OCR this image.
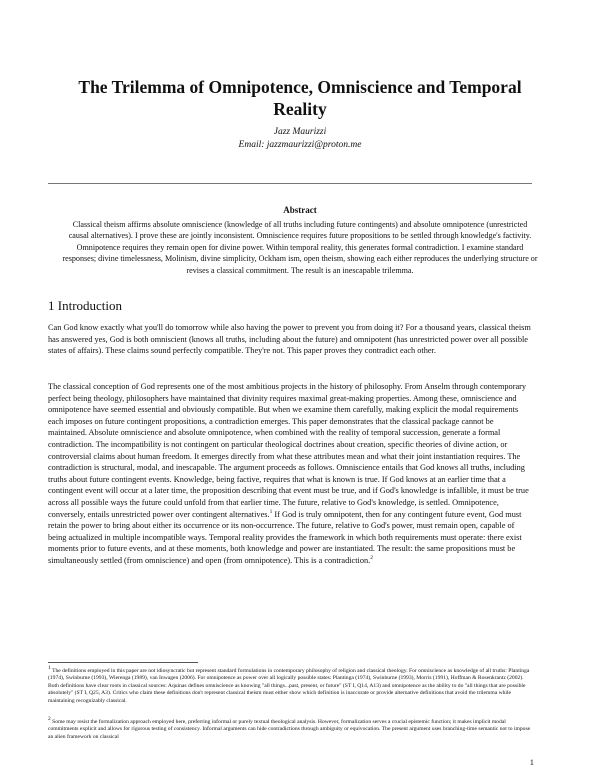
The Trilemma of Omnipotence, Omniscience and Temporal Reality
Jazz Maurizzi
Email: jazzmaurizzi@proton.me
Abstract

Classical theism affirms absolute omniscience (knowledge of all truths including future contingents) and absolute omnipotence (unrestricted causal alternatives). I prove these are jointly inconsistent. Omniscience requires future propositions to be settled through knowledge's factivity. Omnipotence requires they remain open for divine power. Within temporal reality, this generates formal contradiction. I examine standard responses; divine timelessness, Molinism, divine simplicity, Ockham ism, open theism, showing each either reproduces the underlying structure or revises a classical commitment. The result is an inescapable trilemma.

1 Introduction

Can God know exactly what you'll do tomorrow while also having the power to prevent you from doing it? For a thousand years, classical theism has answered yes, God is both omniscient (knows all truths, including about the future) and omnipotent (has unrestricted power over all possible states of affairs). These claims sound perfectly compatible. They're not. This paper proves they contradict each other.

The classical conception of God represents one of the most ambitious projects in the history of philosophy. From Anselm through contemporary perfect being theology, philosophers have maintained that divinity requires maximal great-making properties. Among these, omniscience and omnipotence have seemed essential and obviously compatible. But when we examine them carefully, making explicit the modal requirements each imposes on future contingent propositions, a contradiction emerges. This paper demonstrates that the classical package cannot be maintained. Absolute omniscience and absolute omnipotence, when combined with the reality of temporal succession, generate a formal contradiction. The incompatibility is not contingent on particular theological doctrines about creation, specific theories of divine action, or controversial claims about human freedom. It emerges directly from what these attributes mean and what their joint instantiation requires. The contradiction is structural, modal, and inescapable. The argument proceeds as follows. Omniscience entails that God knows all truths, including truths about future contingent events. Knowledge, being factive, requires that what is known is true. If God knows at an earlier time that a contingent event will occur at a later time, the proposition describing that event must be true, and if God's knowledge is infallible, it must be true across all possible ways the future could unfold from that earlier time. The future, relative to God's knowledge, is settled. Omnipotence, conversely, entails unrestricted power over contingent alternatives.$^1$ If God is truly omnipotent, then for any contingent future event, God must retain the power to bring about either its occurrence or its non-occurrence. The future, relative to God's power, must remain open, capable of being actualized in multiple incompatible ways. Temporal reality provides the framework in which both requirements must operate: there exist moments prior to future events, and at these moments, both knowledge and power are instantiated. The result: the same propositions must be simultaneously settled (from omniscience) and open (from omnipotence). This is a contradiction.$^2$

$^1$ The definitions employed in this paper are not idiosyncratic but represent standard formulations in contemporary philosophy of religion and classical theology. For omniscience as knowledge of all truths: Plantinga (1974), Swinburne (1993), Wierenga (1989), van Inwagen (2006). For omnipotence as power over all logically possible states: Plantinga (1974), Swinburne (1993), Morris (1991), Hoffman & Rosenkrantz (2002). Both definitions have clear roots in classical sources: Aquinas defines omniscience as knowing "all things...past, present, or future" (ST I, Q14, A13) and omnipotence as the ability to do "all things that are possible absolutely" (ST I, Q25, A3). Critics who claim these definitions don't represent classical theism must either show which definition is inaccurate or provide alternative definitions that avoid the trilemma while maintaining recognizably classical.

$^2$ Some may resist the formalization approach employed here, preferring informal or purely textual theological analysis. However, formalization serves a crucial epistemic function; it makes implicit modal commitments explicit and allows for rigorous testing of consistency. Informal arguments can hide contradictions through ambiguity or equivocation. The present argument uses branching-time semantic not to impose an alien framework on classical

1
